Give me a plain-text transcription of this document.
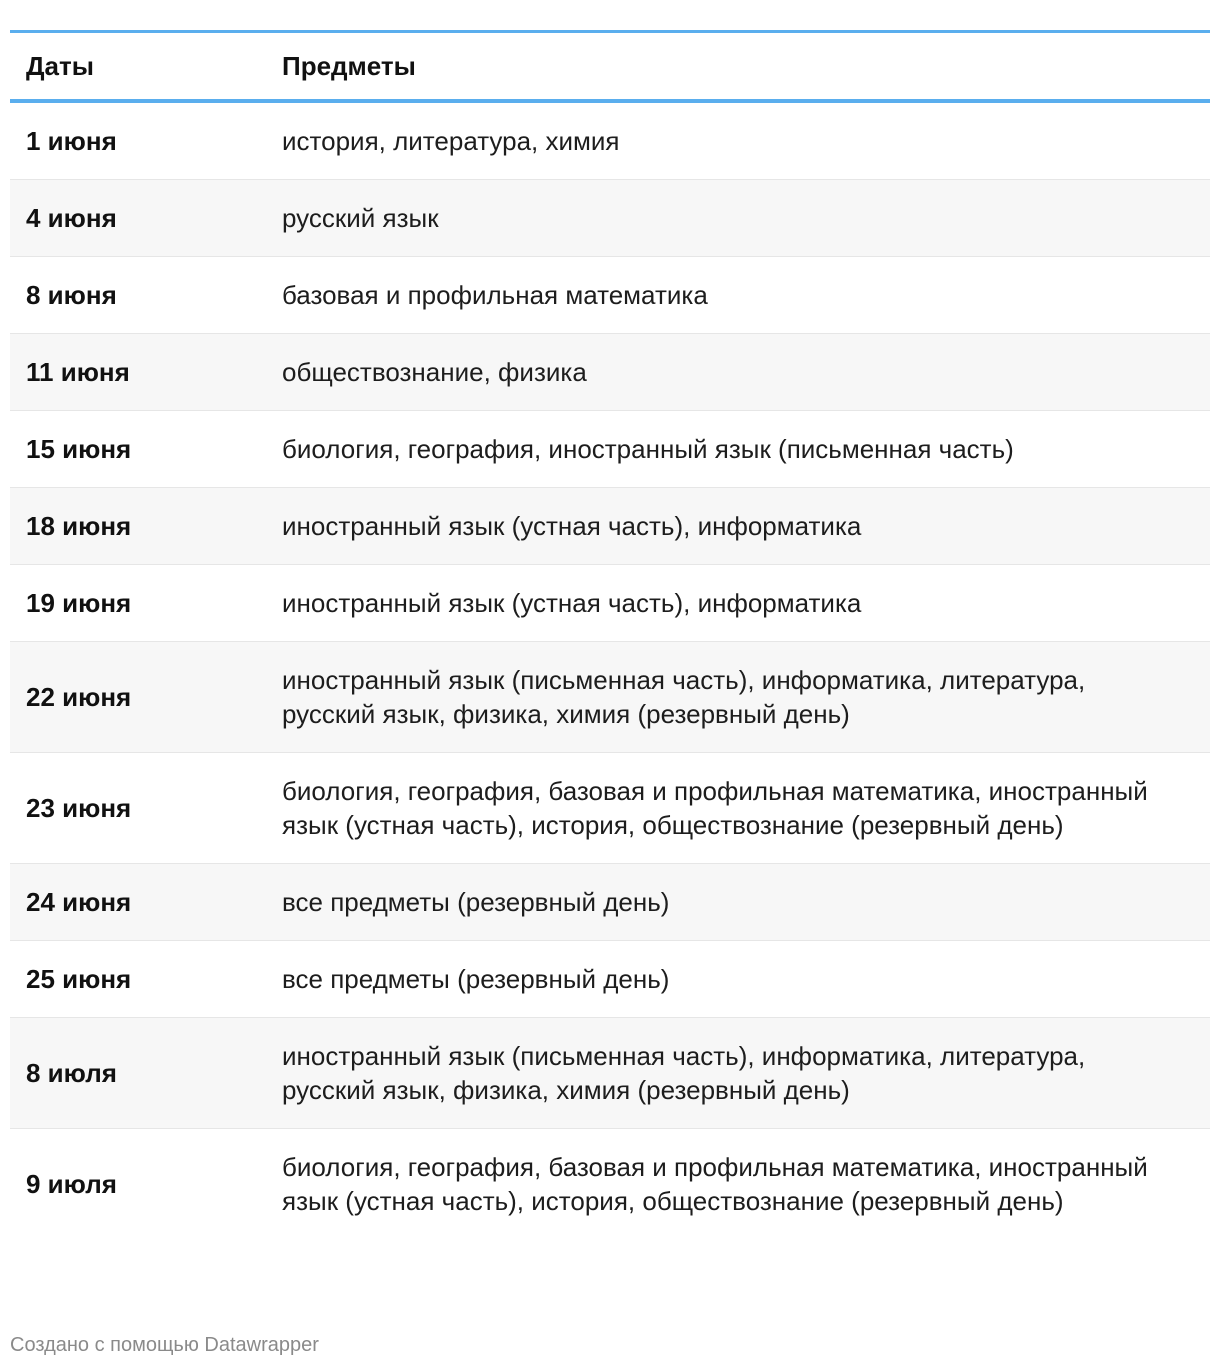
Даты	Предметы
1 июня	история, литература, химия
4 июня	русский язык
8 июня	базовая и профильная математика
11 июня	обществознание, физика
15 июня	биология, география, иностранный язык (письменная часть)
18 июня	иностранный язык (устная часть), информатика
19 июня	иностранный язык (устная часть), информатика
22 июня	иностранный язык (письменная часть), информатика, литература, русский язык, физика, химия (резервный день)
23 июня	биология, география, базовая и профильная математика, иностранный язык (устная часть), история, обществознание (резервный день)
24 июня	все предметы (резервный день)
25 июня	все предметы (резервный день)
8 июля	иностранный язык (письменная часть), информатика, литература, русский язык, физика, химия (резервный день)
9 июля	биология, география, базовая и профильная математика, иностранный язык (устная часть), история, обществознание (резервный день)
Создано с помощью Datawrapper
